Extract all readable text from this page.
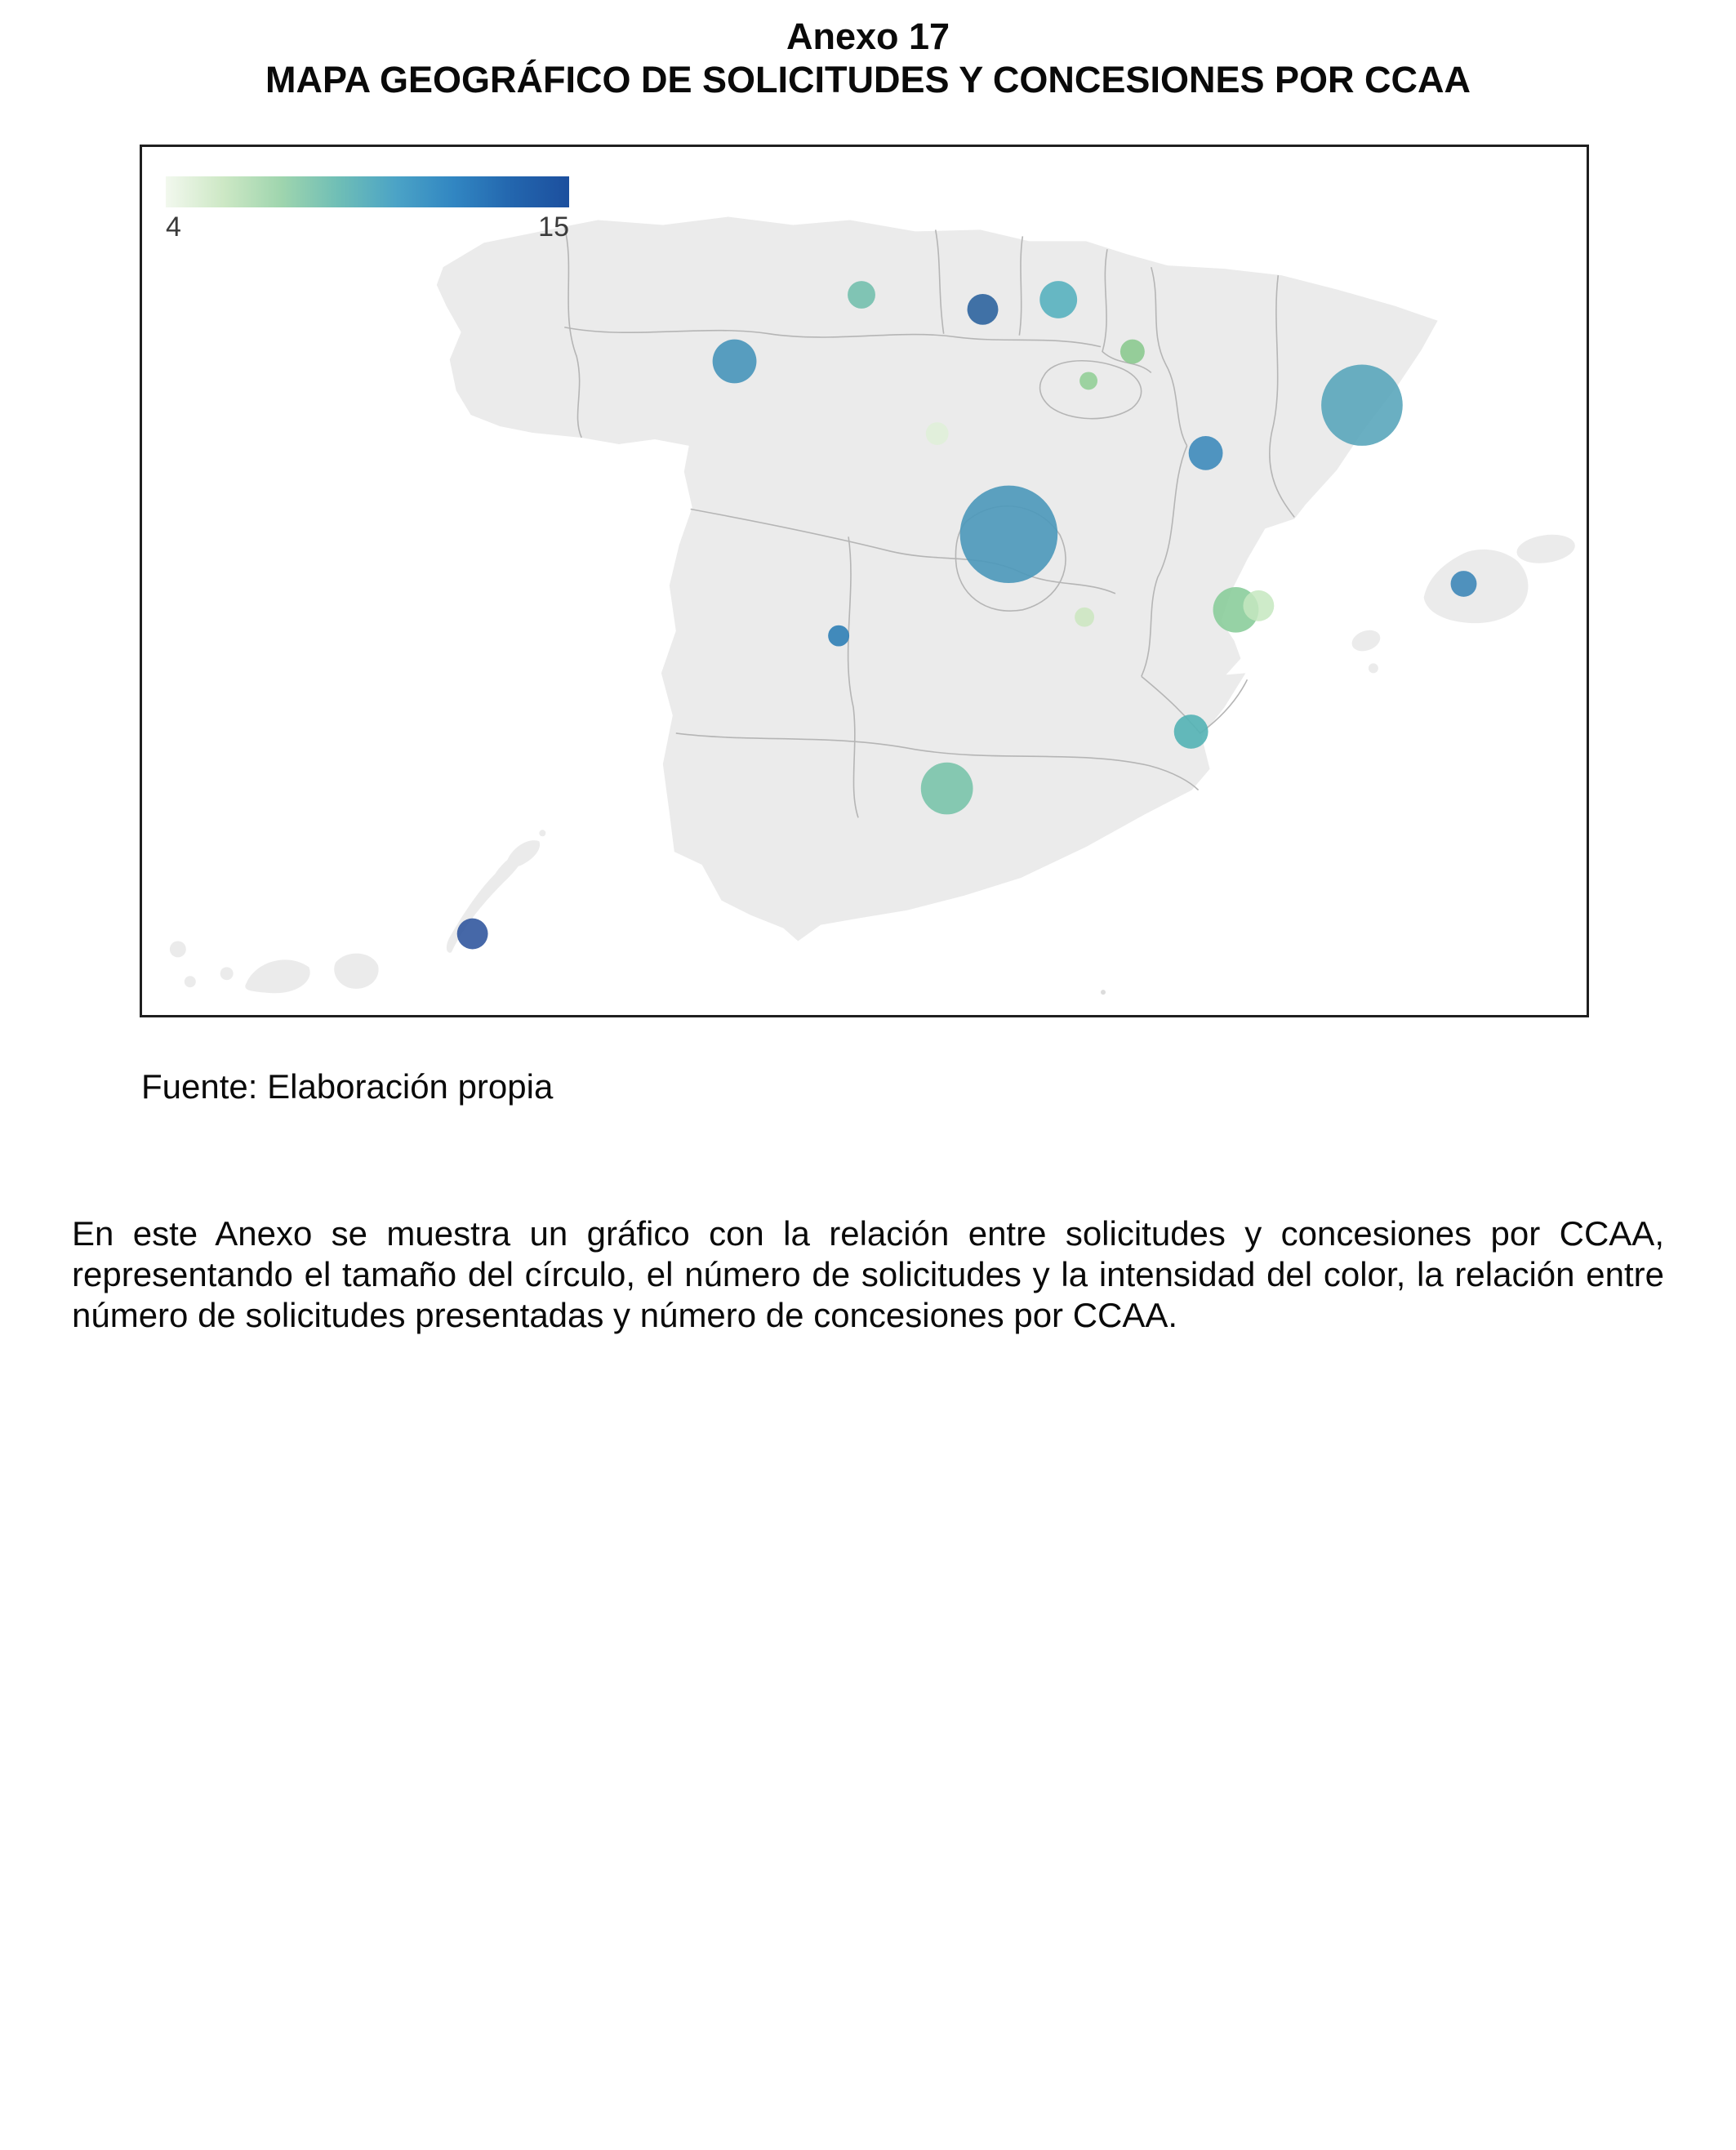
Anexo 17
MAPA GEOGRÁFICO DE SOLICITUDES Y CONCESIONES POR CCAA
4	15
Fuente: Elaboración propia
En este Anexo se muestra un gráfico con la relación entre solicitudes y concesiones por CCAA, representando el tamaño del círculo, el número de solicitudes y la intensidad del color, la relación entre número de solicitudes presentadas y número de concesiones por CCAA.
